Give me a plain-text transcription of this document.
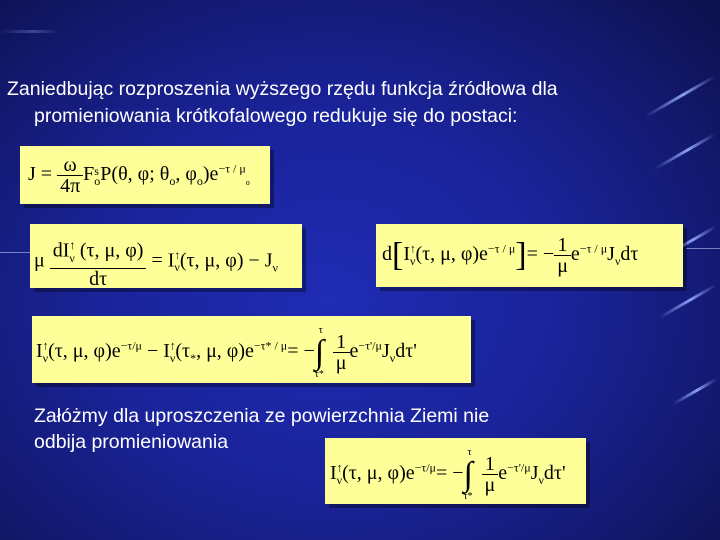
Zaniedbując rozproszenia wyższego rzędu funkcja źródłowa dla
promieniowania krótkofalowego redukuje się do postaci:
$J = \frac{\omega}{4\pi}$ F s
o P(θ, φ; $\theta_o$, $\varphi_o)e^{-\tau / \mu}_o$
μ $\frac{dI^↑_\nu (\tau, \mu, \varphi)}{d\tau} = I^↑_\nu(\tau$, μ, $\varphi) - J_\nu$
$d[I^↑_\nu(\tau$, μ, $\varphi)e^{-\tau / \mu}]= - \frac{1}{\mu} e^{-\tau / \mu}J_\nu d\tau$
$I^↑_\nu(\tau$, μ, $\varphi)e^{-\tau/\mu} - I^↑_\nu(\tau_*$, μ, $\varphi)e^{-\tau* / \mu}=$ −∫
τ
τ*
$\frac{1}{\mu} e^{-\tau'/\mu}J_\nu d\tau'$
Załóżmy dla uproszczenia ze powierzchnia Ziemi nie
odbija promieniowania
$I^↑_\nu(\tau$, μ, $\varphi)e^{-\tau/\mu}=$ −∫
τ
τ*
$\frac{1}{\mu} e^{-\tau'/\mu}J_\nu d\tau'$
